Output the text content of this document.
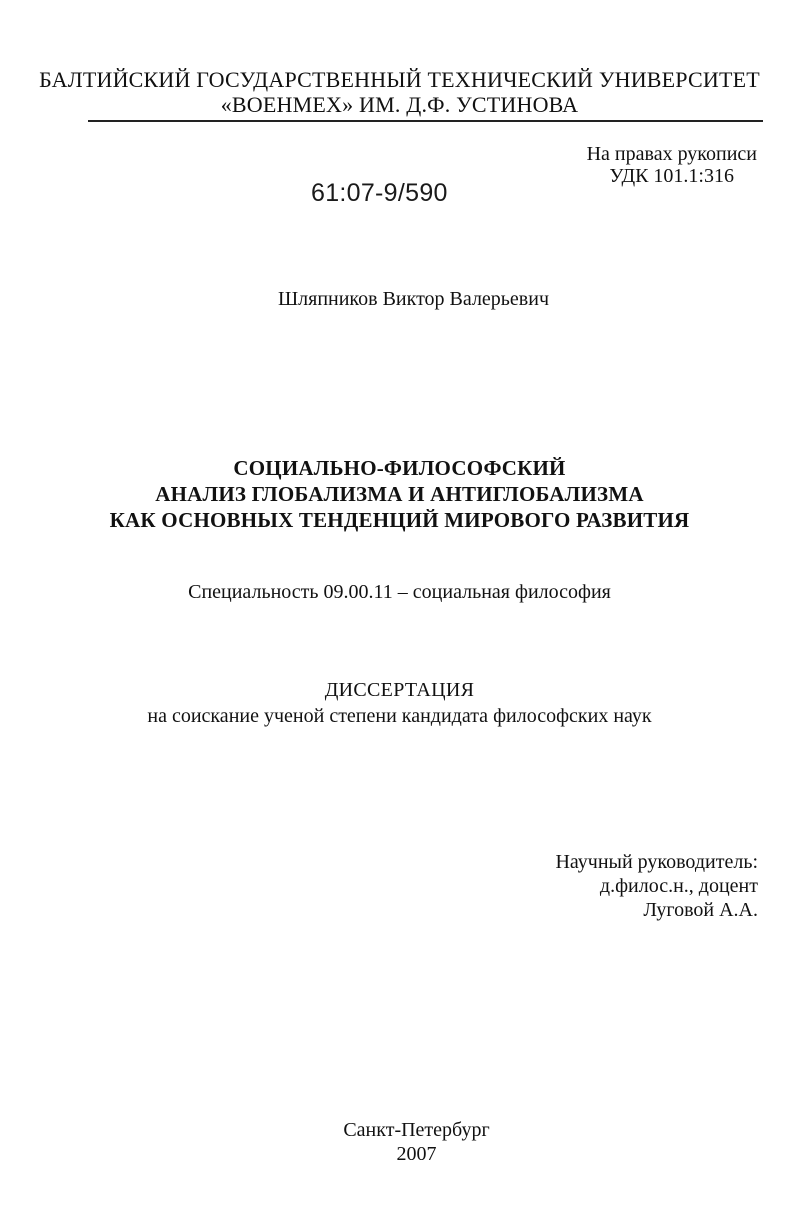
БАЛТИЙСКИЙ ГОСУДАРСТВЕННЫЙ ТЕХНИЧЕСКИЙ УНИВЕРСИТЕТ
«ВОЕНМЕХ» ИМ. Д.Ф. УСТИНОВА
На правах рукописи
УДК 101.1:316
61:07-9/590
Шляпников Виктор Валерьевич
СОЦИАЛЬНО-ФИЛОСОФСКИЙ
АНАЛИЗ ГЛОБАЛИЗМА И АНТИГЛОБАЛИЗМА
КАК ОСНОВНЫХ ТЕНДЕНЦИЙ МИРОВОГО РАЗВИТИЯ
Специальность 09.00.11 – социальная философия
ДИССЕРТАЦИЯ
на соискание ученой степени кандидата философских наук
Научный руководитель:
д.филос.н., доцент
Луговой А.А.
Санкт-Петербург
2007
